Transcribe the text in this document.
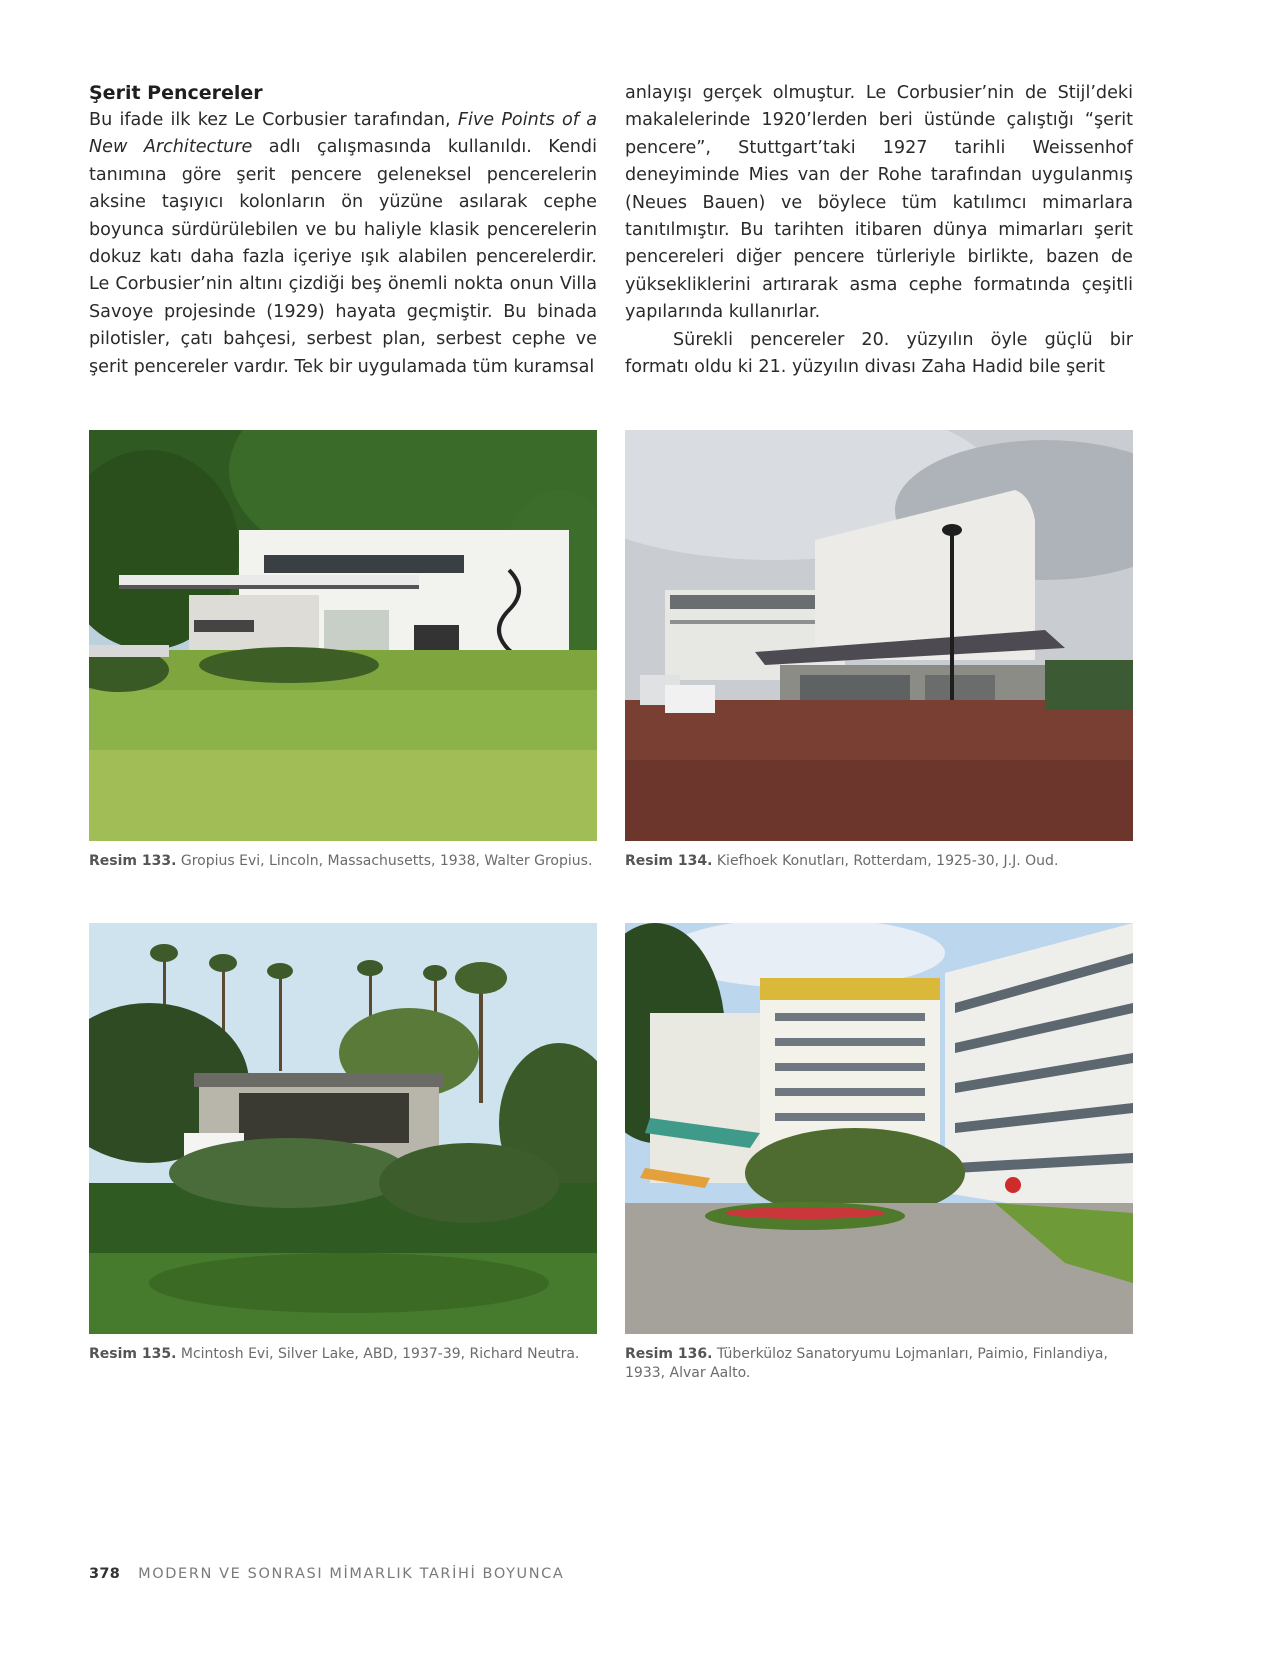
Şerit Pencereler

Bu ifade ilk kez Le Corbusier tarafından, Five Points of a New Architecture adlı çalışmasında kullanıldı. Kendi tanımına göre şerit pencere geleneksel pencerelerin aksine taşıyıcı kolonların ön yüzüne asılarak cephe boyunca sürdürülebilen ve bu haliyle klasik pencerelerin dokuz katı daha fazla içeriye ışık alabilen pencerelerdir. Le Corbusier’nin altını çizdiği beş önemli nokta onun Villa Savoye projesinde (1929) hayata geçmiştir. Bu binada pilotisler, çatı bahçesi, serbest plan, serbest cephe ve şerit pencereler vardır. Tek bir uygulamada tüm kuramsal

anlayışı gerçek olmuştur. Le Corbusier’nin de Stijl’deki makalelerinde 1920’lerden beri üstünde çalıştığı “şerit pencere”, Stuttgart’taki 1927 tarihli Weissenhof deneyiminde Mies van der Rohe tarafından uygulanmış (Neues Bauen) ve böylece tüm katılımcı mimarlara tanıtılmıştır. Bu tarihten itibaren dünya mimarları şerit pencereleri diğer pencere türleriyle birlikte, bazen de yüksekliklerini artırarak asma cephe formatında çeşitli yapılarında kullanırlar.

Sürekli pencereler 20. yüzyılın öyle güçlü bir formatı oldu ki 21. yüzyılın divası Zaha Hadid bile şerit

Resim 133. Gropius Evi, Lincoln, Massachusetts, 1938, Walter Gropius.	Resim 134. Kiefhoek Konutları, Rotterdam, 1925-30, J.J. Oud.
Resim 135. Mcintosh Evi, Silver Lake, ABD, 1937-39, Richard Neutra.	Resim 136. Tüberküloz Sanatoryumu Lojmanları, Paimio, Finlandiya, 1933, Alvar Aalto.
378 MODERN VE SONRASI MİMARLIK TARİHİ BOYUNCA
